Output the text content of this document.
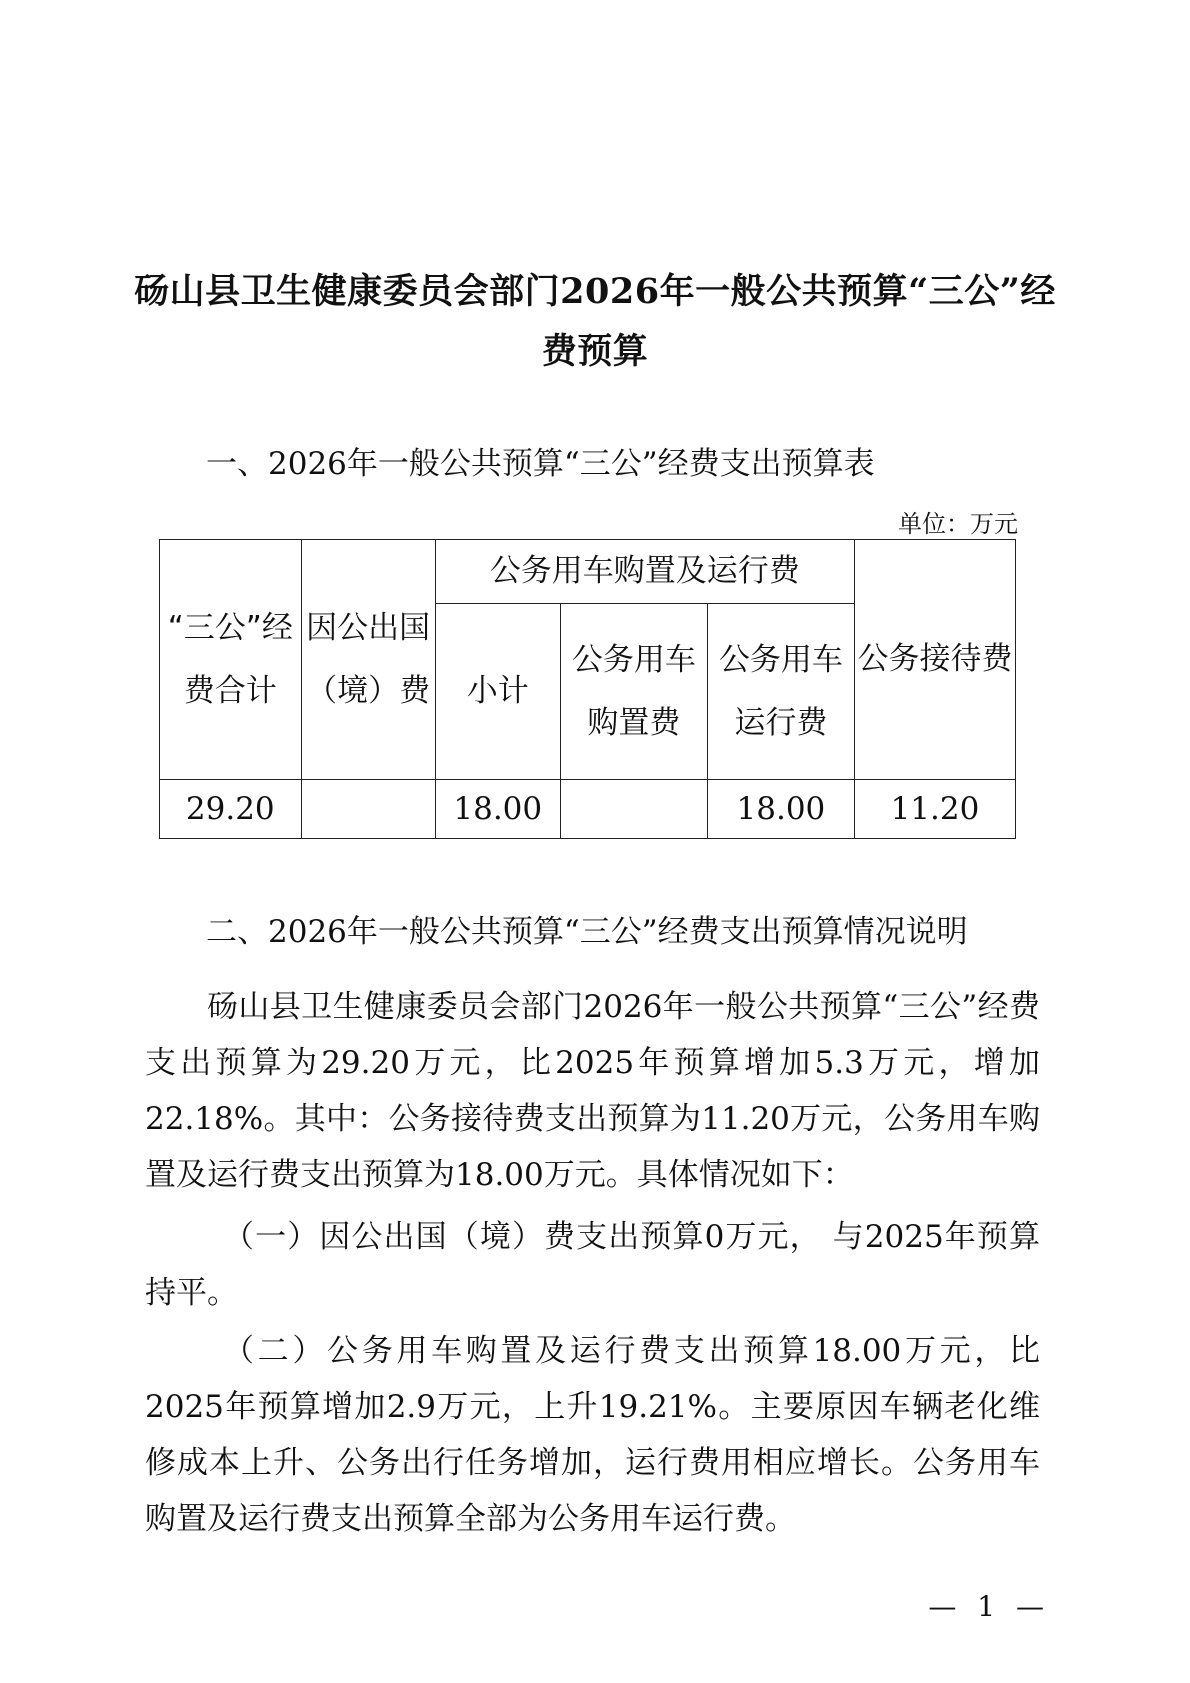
砀山县卫生健康委员会部门2026年一般公共预算“三公”经费预算
一、2026年一般公共预算“三公”经费支出预算表
单位：万元
“三公”经费合计	因公出国（境）费	公务用车购置及运行费			公务接待费
		小计	公务用车购置费	公务用车运行费	
29.20		18.00		18.00	11.20
二、2026年一般公共预算“三公”经费支出预算情况说明
砀山县卫生健康委员会部门2026年一般公共预算“三公”经费支出预算为29.20万元，比2025年预算增加5.3万元，增加22.18%。其中：公务接待费支出预算为11.20万元，公务用车购置及运行费支出预算为18.00万元。具体情况如下：
（一）因公出国（境）费支出预算0万元， 与2025年预算持平。
（二）公务用车购置及运行费支出预算18.00万元，比2025年预算增加2.9万元，上升19.21%。主要原因车辆老化维修成本上升、公务出行任务增加，运行费用相应增长。公务用车购置及运行费支出预算全部为公务用车运行费。
— 1 —
